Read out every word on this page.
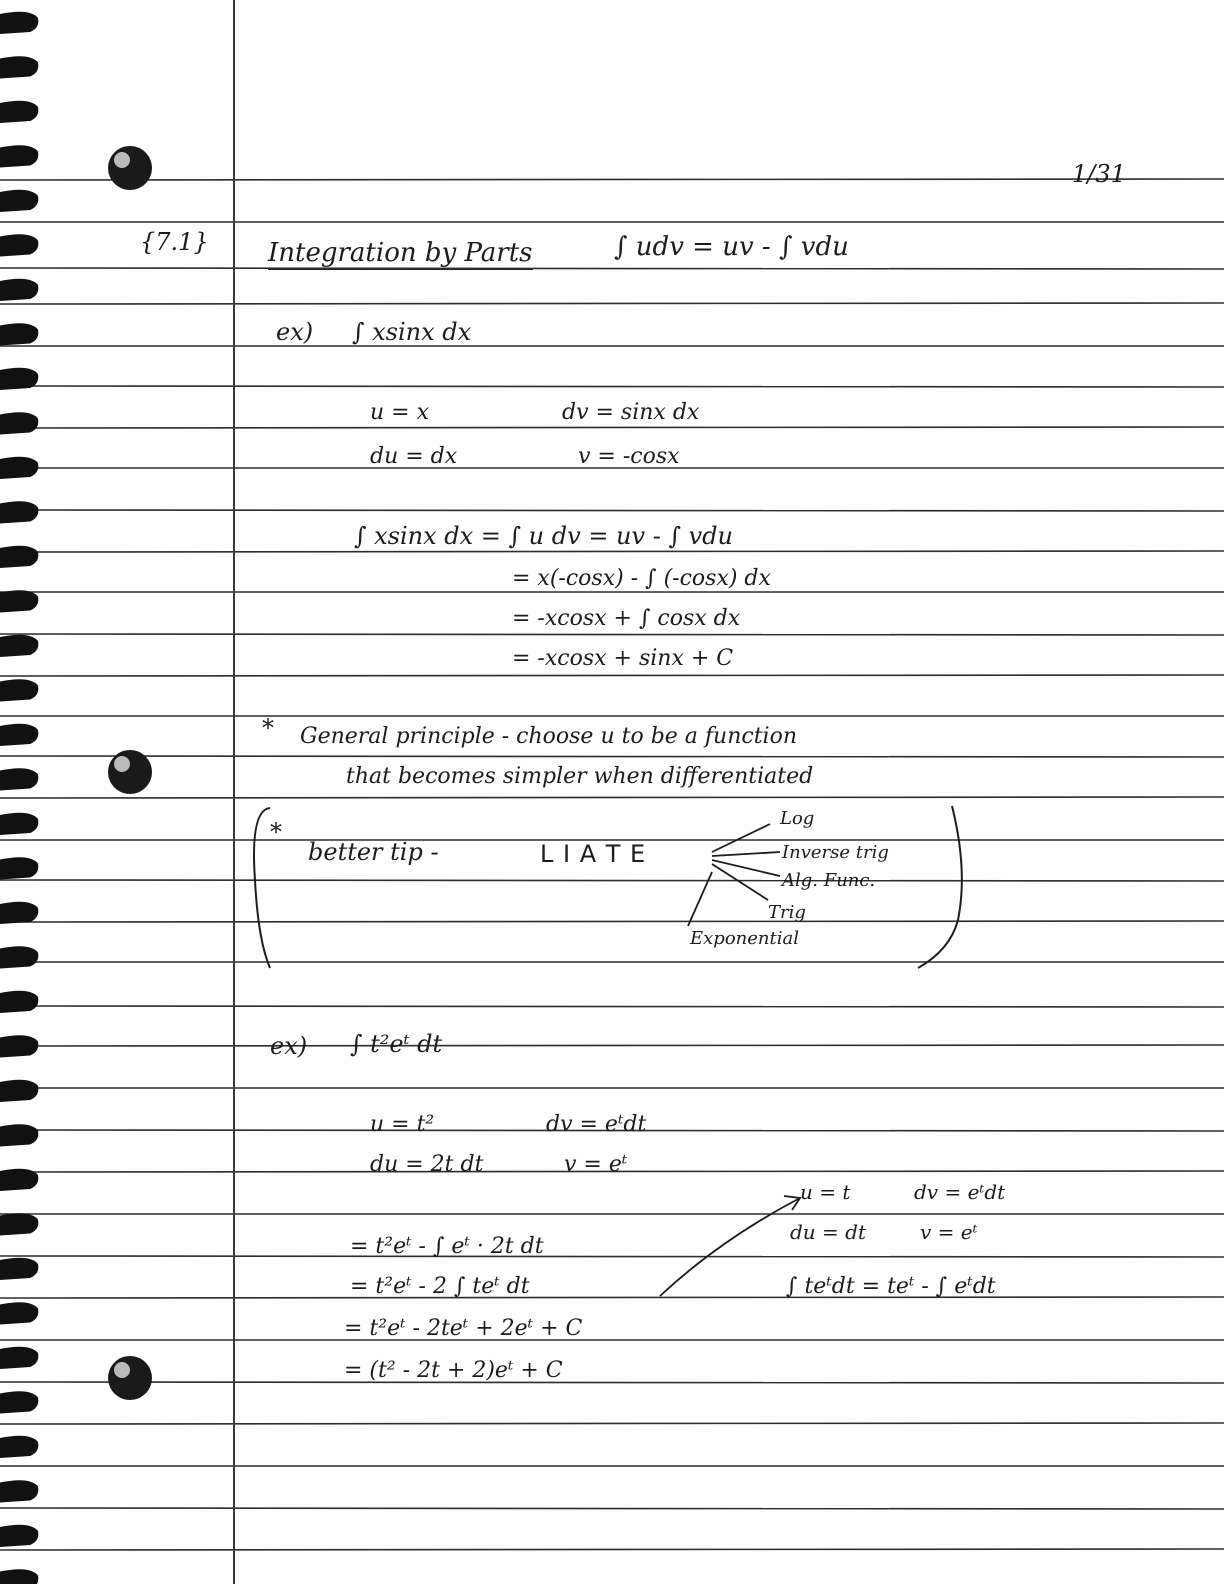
1/31
{7.1} Integration by Parts	∫ udv = uv - ∫ vdu
ex) ∫ xsinx dx
u = x
du = dx
dv = sinx dx
v = -cosx
∫ xsinx dx = ∫ u dv = uv - ∫ vdu
= x(-cosx) - ∫ (-cosx) dx
= -xcosx + ∫ cosx dx
= -xcosx + sinx + C
* General principle - choose u to be a function
that becomes simpler when differentiated
*
better tip -	L I A T E
Log
Inverse trig
Alg. Func.
Trig
Exponential
ex) ∫ t²eᵗ dt
u = t²
du = 2t dt
dv = eᵗdt
v = eᵗ
= t²eᵗ - ∫ eᵗ · 2t dt
= t²eᵗ - 2 ∫ teᵗ dt
= t²eᵗ - 2teᵗ + 2eᵗ + C
= (t² - 2t + 2)eᵗ + C
u = t
du = dt
dv = eᵗdt
v = eᵗ
∫ teᵗdt = teᵗ - ∫ eᵗdt
